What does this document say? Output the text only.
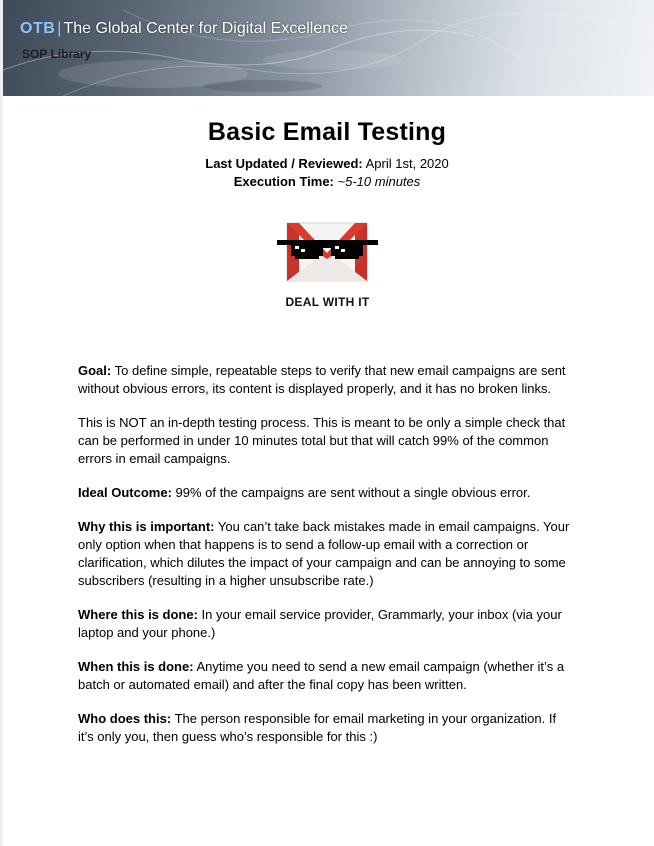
OTB | The Global Center for Digital Excellence
SOP Library
Basic Email Testing
Last Updated / Reviewed: April 1st, 2020
Execution Time: ~5-10 minutes
DEAL WITH IT

Goal: To define simple, repeatable steps to verify that new email campaigns are sent without obvious errors, its content is displayed properly, and it has no broken links.

This is NOT an in-depth testing process. This is meant to be only a simple check that can be performed in under 10 minutes total but that will catch 99% of the common errors in email campaigns.

Ideal Outcome: 99% of the campaigns are sent without a single obvious error.

Why this is important: You can’t take back mistakes made in email campaigns. Your only option when that happens is to send a follow-up email with a correction or clarification, which dilutes the impact of your campaign and can be annoying to some subscribers (resulting in a higher unsubscribe rate.)

Where this is done: In your email service provider, Grammarly, your inbox (via your laptop and your phone.)

When this is done: Anytime you need to send a new email campaign (whether it’s a batch or automated email) and after the final copy has been written.

Who does this: The person responsible for email marketing in your organization. If it’s only you, then guess who’s responsible for this :)
